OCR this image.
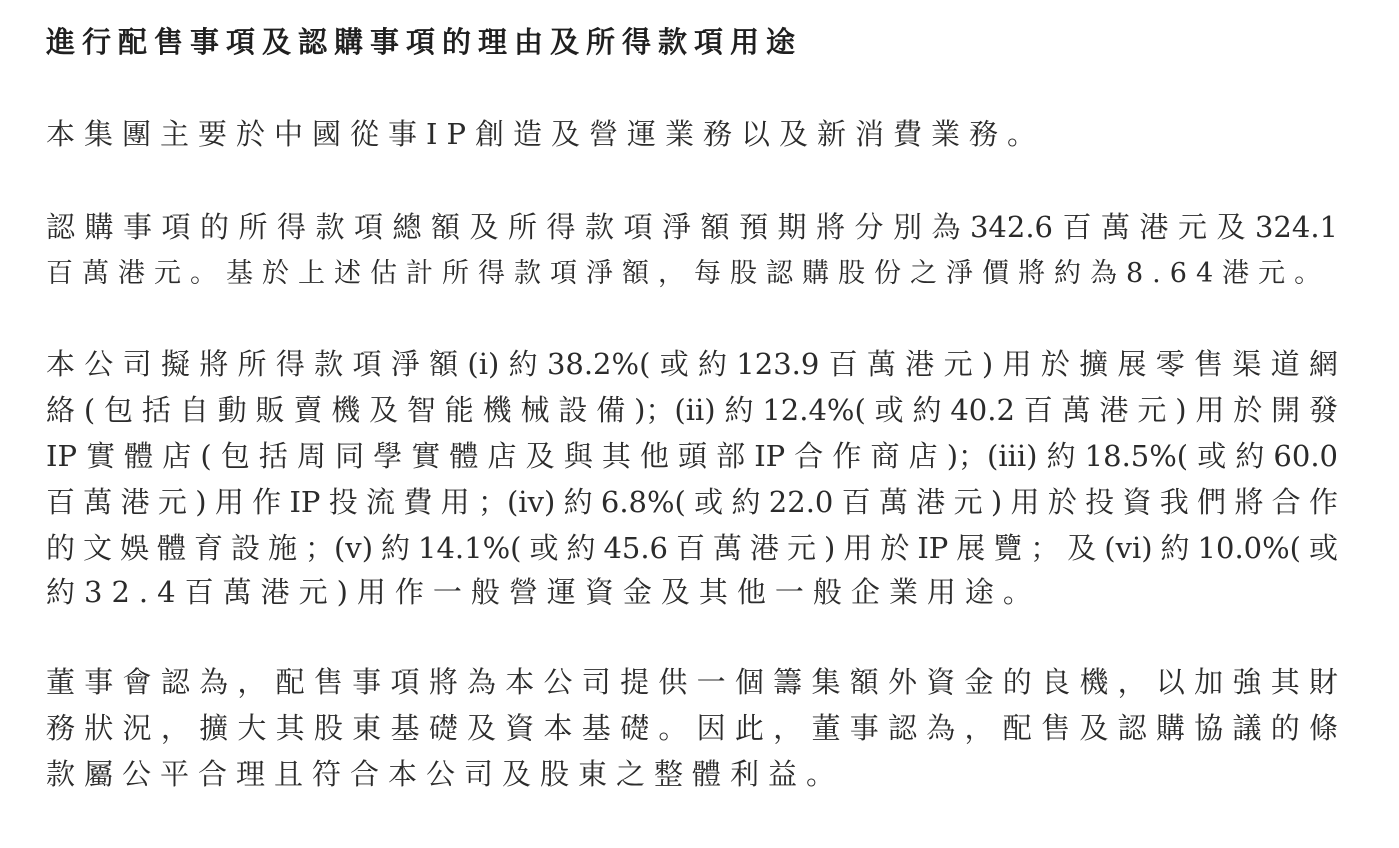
進行配售事項及認購事項的理由及所得款項用途
本集團主要於中國從事IP創造及營運業務以及新消費業務。
認購事項的所得款項總額及所得款項淨額預期將分別為342.6百萬港元及324.1
百萬港元。基於上述估計所得款項淨額，每股認購股份之淨價將約為8.64港元。
本公司擬將所得款項淨額(i)約38.2%(或約123.9百萬港元)用於擴展零售渠道網
絡(包括自動販賣機及智能機械設備)；(ii)約12.4%(或約40.2百萬港元)用於開發
IP實體店(包括周同學實體店及與其他頭部IP合作商店)；(iii)約18.5%(或約60.0
百萬港元)用作IP投流費用；(iv)約6.8%(或約22.0百萬港元)用於投資我們將合作
的文娛體育設施；(v)約14.1%(或約45.6百萬港元)用於IP展覽；及(vi)約10.0%(或
約32.4百萬港元)用作一般營運資金及其他一般企業用途。
董事會認為，配售事項將為本公司提供一個籌集額外資金的良機，以加強其財
務狀況，擴大其股東基礎及資本基礎。因此，董事認為，配售及認購協議的條
款屬公平合理且符合本公司及股東之整體利益。
